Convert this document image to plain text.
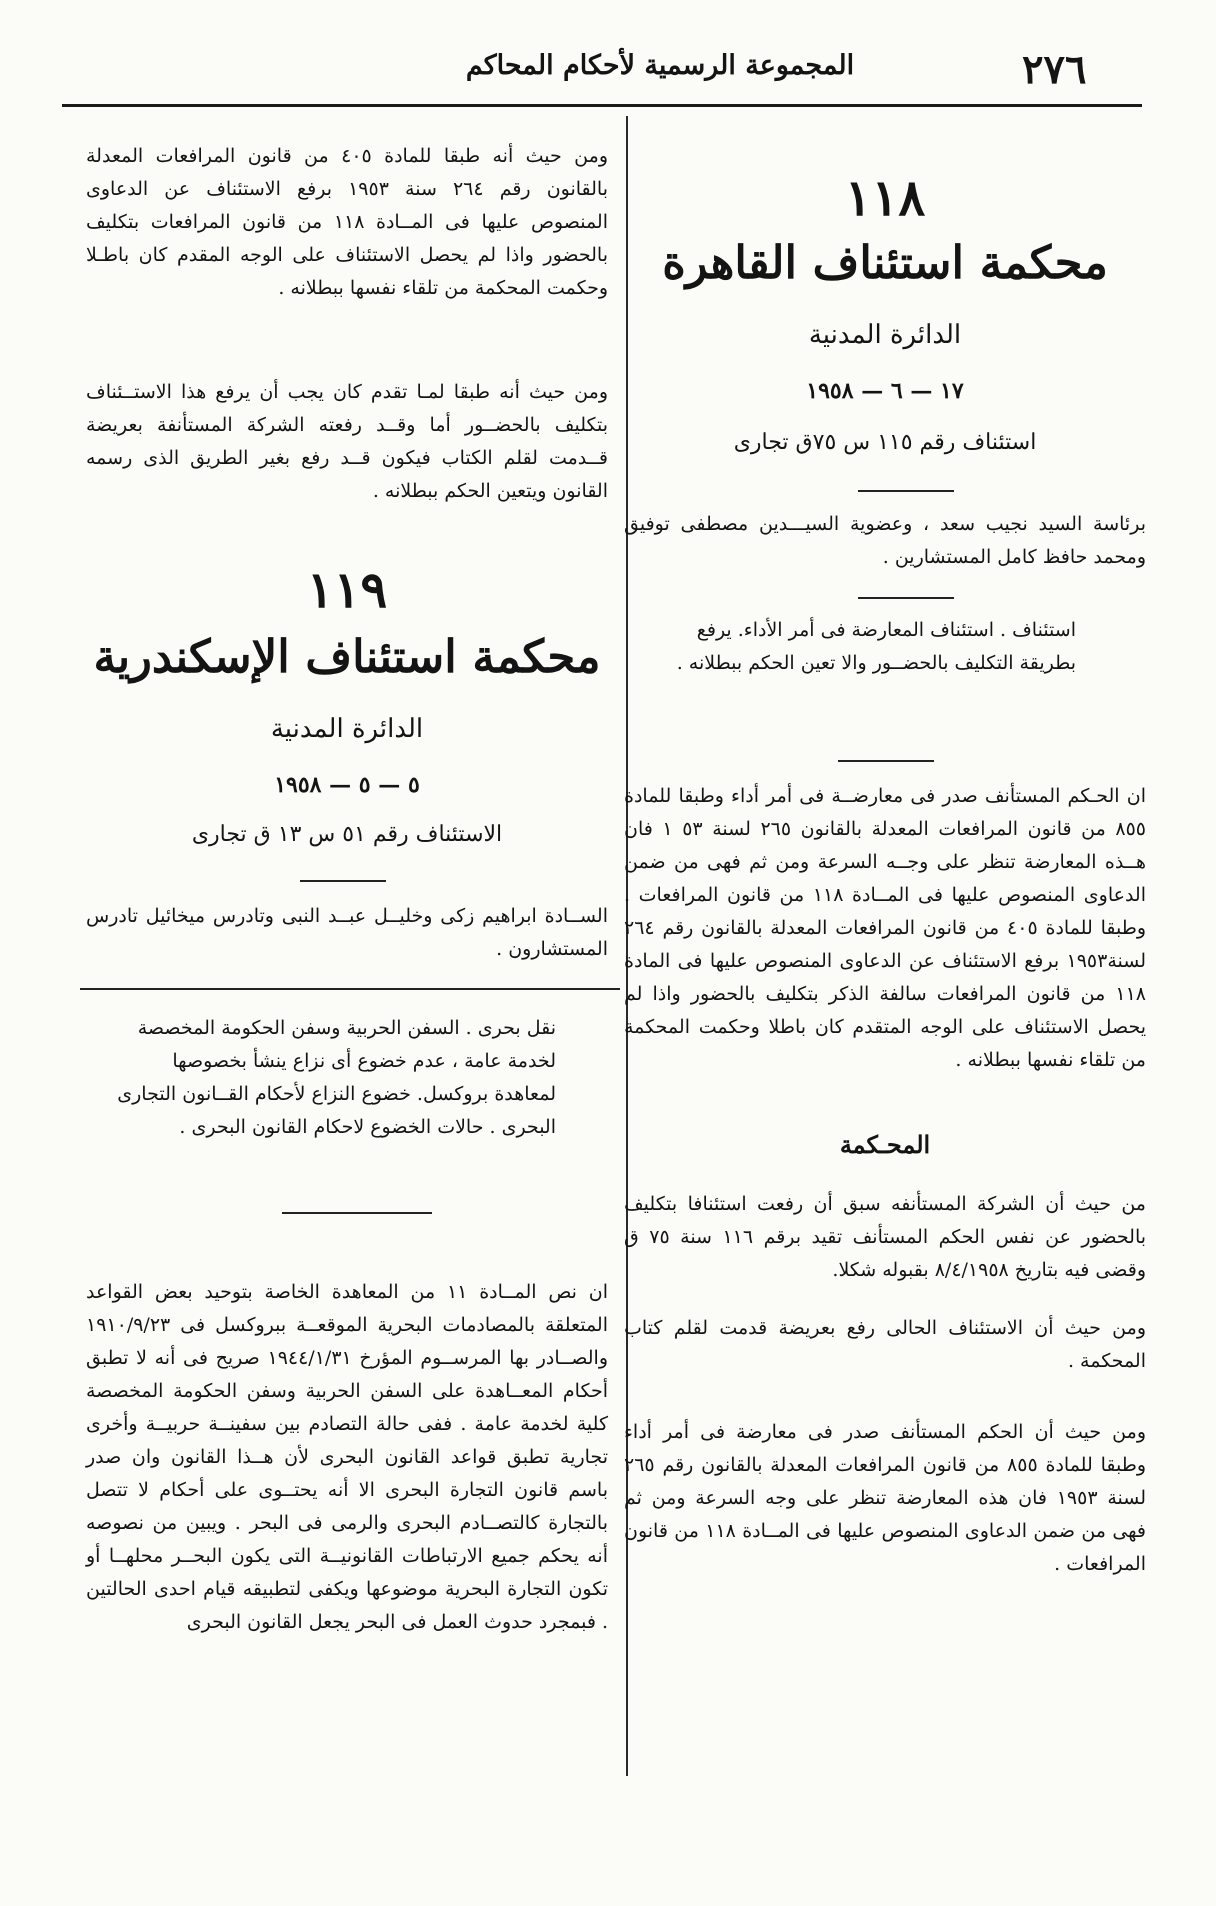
٢٧٦
المجموعة الرسمية لأحكام المحاكم
١١٨
محكمة استئناف القاهرة
الدائرة المدنية
١٧ — ٦ — ١٩٥٨
استئناف رقم ١١٥ س ٧٥ق تجارى
برئاسة السيد نجيب سعد ، وعضوية السيـــدين مصطفى توفيق ومحمد حافظ كامل المستشارين .
استئناف . استئناف المعارضة فى أمر الأداء. يرفع بطريقة التكليف بالحضــور والا تعين الحكم ببطلانه .
ان الحـكم المستأنف صدر فى معارضــة فى أمر أداء وطبقا للمادة ٨٥٥ من قانون المرافعات المعدلة بالقانون ٢٦٥ لسنة ٥٣ ١ فان هــذه المعارضة تنظر على وجــه السرعة ومن ثم فهى من ضمن الدعاوى المنصوص عليها فى المــادة ١١٨ من قانون المرافعات . وطبقا للمادة ٤٠٥ من قانون المرافعات المعدلة بالقانون رقم ٢٦٤ لسنة١٩٥٣ برفع الاستئناف عن الدعاوى المنصوص عليها فى المادة ١١٨ من قانون المرافعات سالفة الذكر بتكليف بالحضور واذا لم يحصل الاستئناف على الوجه المتقدم كان باطلا وحكمت المحكمة من تلقاء نفسها ببطلانه .
المحـكمة
من حيث أن الشركة المستأنفه سبق أن رفعت استئنافا بتكليف بالحضور عن نفس الحكم المستأنف تقيد برقم ١١٦ سنة ٧٥ ق وقضى فيه بتاريخ ٨/٤/١٩٥٨ بقبوله شكلا.
ومن حيث أن الاستئناف الحالى رفع بعريضة قدمت لقلم كتاب المحكمة .
ومن حيث أن الحكم المستأنف صدر فى معارضة فى أمر أداء وطبقا للمادة ٨٥٥ من قانون المرافعات المعدلة بالقانون رقم ٢٦٥ لسنة ١٩٥٣ فان هذه المعارضة تنظر على وجه السرعة ومن ثم فهى من ضمن الدعاوى المنصوص عليها فى المــادة ١١٨ من قانون المرافعات .
ومن حيث أنه طبقا للمادة ٤٠٥ من قانون المرافعات المعدلة بالقانون رقم ٢٦٤ سنة ١٩٥٣ برفع الاستئناف عن الدعاوى المنصوص عليها فى المــادة ١١٨ من قانون المرافعات بتكليف بالحضور واذا لم يحصل الاستئناف على الوجه المقدم كان باطـلا وحكمت المحكمة من تلقاء نفسها ببطلانه .
ومن حيث أنه طبقا لمـا تقدم كان يجب أن يرفع هذا الاستــئناف بتكليف بالحضــور أما وقــد رفعته الشركة المستأنفة بعريضة قــدمت لقلم الكتاب فيكون قــد رفع بغير الطريق الذى رسمه القانون ويتعين الحكم ببطلانه .
١١٩
محكمة استئناف الإسكندرية
الدائرة المدنية
٥ — ٥ — ١٩٥٨
الاستئناف رقم ٥١ س ١٣ ق تجارى
الســادة ابراهيم زكى وخليــل عبــد النبى وتادرس ميخائيل تادرس المستشارون .
نقل بحرى . السفن الحربية وسفن الحكومة المخصصة لخدمة عامة ، عدم خضوع أى نزاع ينشأ بخصوصها لمعاهدة بروكسل. خضوع النزاع لأحكام القــانون التجارى البحرى . حالات الخضوع لاحكام القانون البحرى .
ان نص المــادة ١١ من المعاهدة الخاصة بتوحيد بعض القواعد المتعلقة بالمصادمات البحرية الموقعــة ببروكسل فى ١٩١٠/٩/٢٣ والصــادر بها المرســوم المؤرخ ١٩٤٤/١/٣١ صريح فى أنه لا تطبق أحكام المعــاهدة على السفن الحربية وسفن الحكومة المخصصة كلية لخدمة عامة . ففى حالة التصادم بين سفينــة حربيــة وأخرى تجارية تطبق قواعد القانون البحرى لأن هــذا القانون وان صدر باسم قانون التجارة البحرى الا أنه يحتــوى على أحكام لا تتصل بالتجارة كالتصــادم البحرى والرمى فى البحر . ويبين من نصوصه أنه يحكم جميع الارتباطات القانونيــة التى يكون البحــر محلهــا أو تكون التجارة البحرية موضوعها ويكفى لتطبيقه قيام احدى الحالتين . فبمجرد حدوث العمل فى البحر يجعل القانون البحرى
